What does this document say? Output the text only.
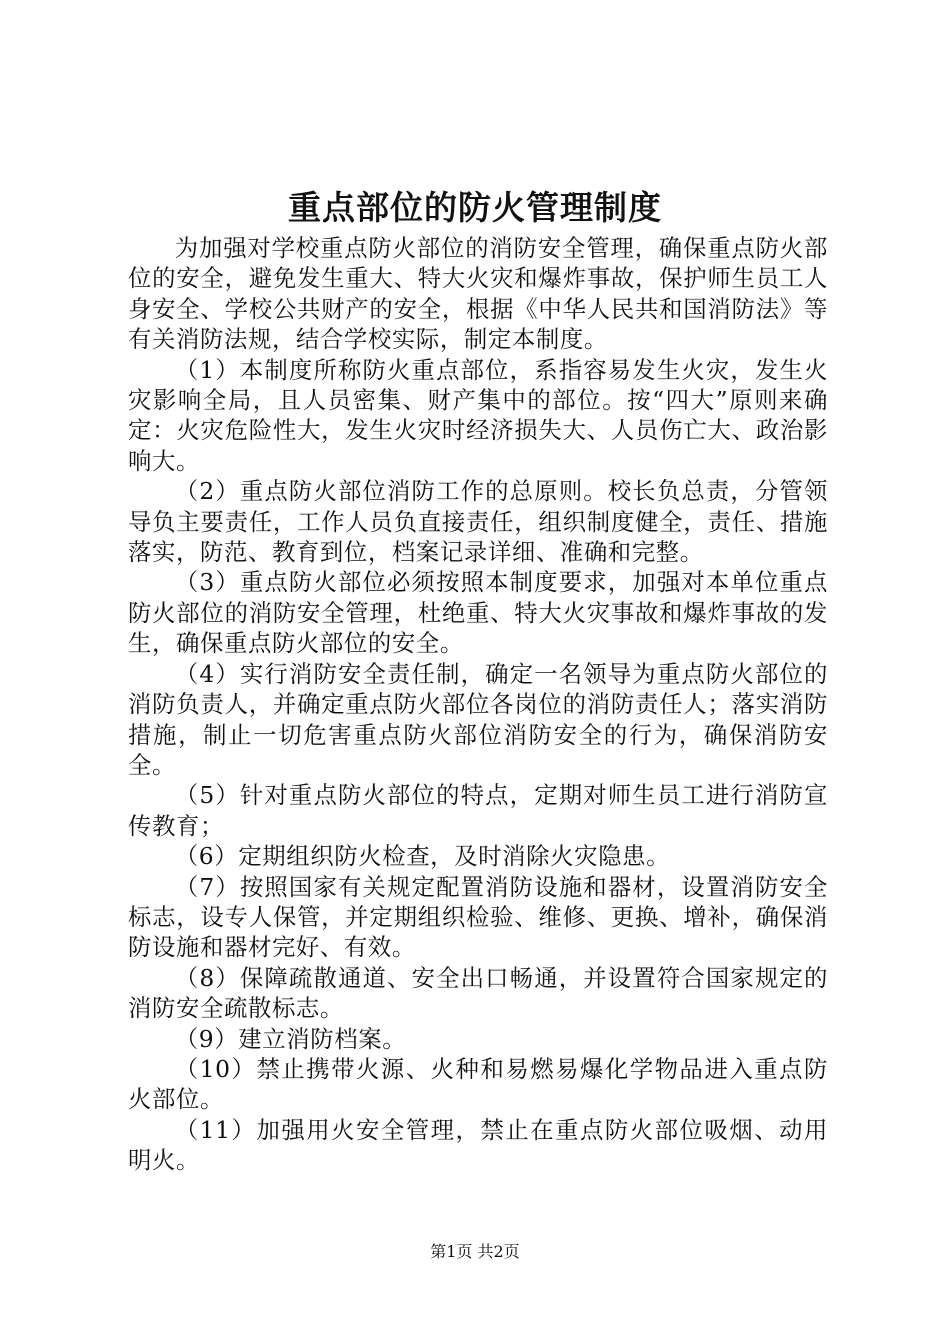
重点部位的防火管理制度

为加强对学校重点防火部位的消防安全管理，确保重点防火部位的安全，避免发生重大、特大火灾和爆炸事故，保护师生员工人身安全、学校公共财产的安全，根据《中华人民共和国消防法》等有关消防法规，结合学校实际，制定本制度。

（1）本制度所称防火重点部位，系指容易发生火灾，发生火灾影响全局，且人员密集、财产集中的部位。按“四大”原则来确定：火灾危险性大，发生火灾时经济损失大、人员伤亡大、政治影响大。

（2）重点防火部位消防工作的总原则。校长负总责，分管领导负主要责任，工作人员负直接责任，组织制度健全，责任、措施落实，防范、教育到位，档案记录详细、准确和完整。

（3）重点防火部位必须按照本制度要求，加强对本单位重点防火部位的消防安全管理，杜绝重、特大火灾事故和爆炸事故的发生，确保重点防火部位的安全。

（4）实行消防安全责任制，确定一名领导为重点防火部位的消防负责人，并确定重点防火部位各岗位的消防责任人；落实消防措施，制止一切危害重点防火部位消防安全的行为，确保消防安全。

（5）针对重点防火部位的特点，定期对师生员工进行消防宣传教育；

（6）定期组织防火检查，及时消除火灾隐患。

（7）按照国家有关规定配置消防设施和器材，设置消防安全标志，设专人保管，并定期组织检验、维修、更换、增补，确保消防设施和器材完好、有效。

（8）保障疏散通道、安全出口畅通，并设置符合国家规定的消防安全疏散标志。

（9）建立消防档案。

（10）禁止携带火源、火种和易燃易爆化学物品进入重点防火部位。

（11）加强用火安全管理，禁止在重点防火部位吸烟、动用明火。

第1页 共2页
